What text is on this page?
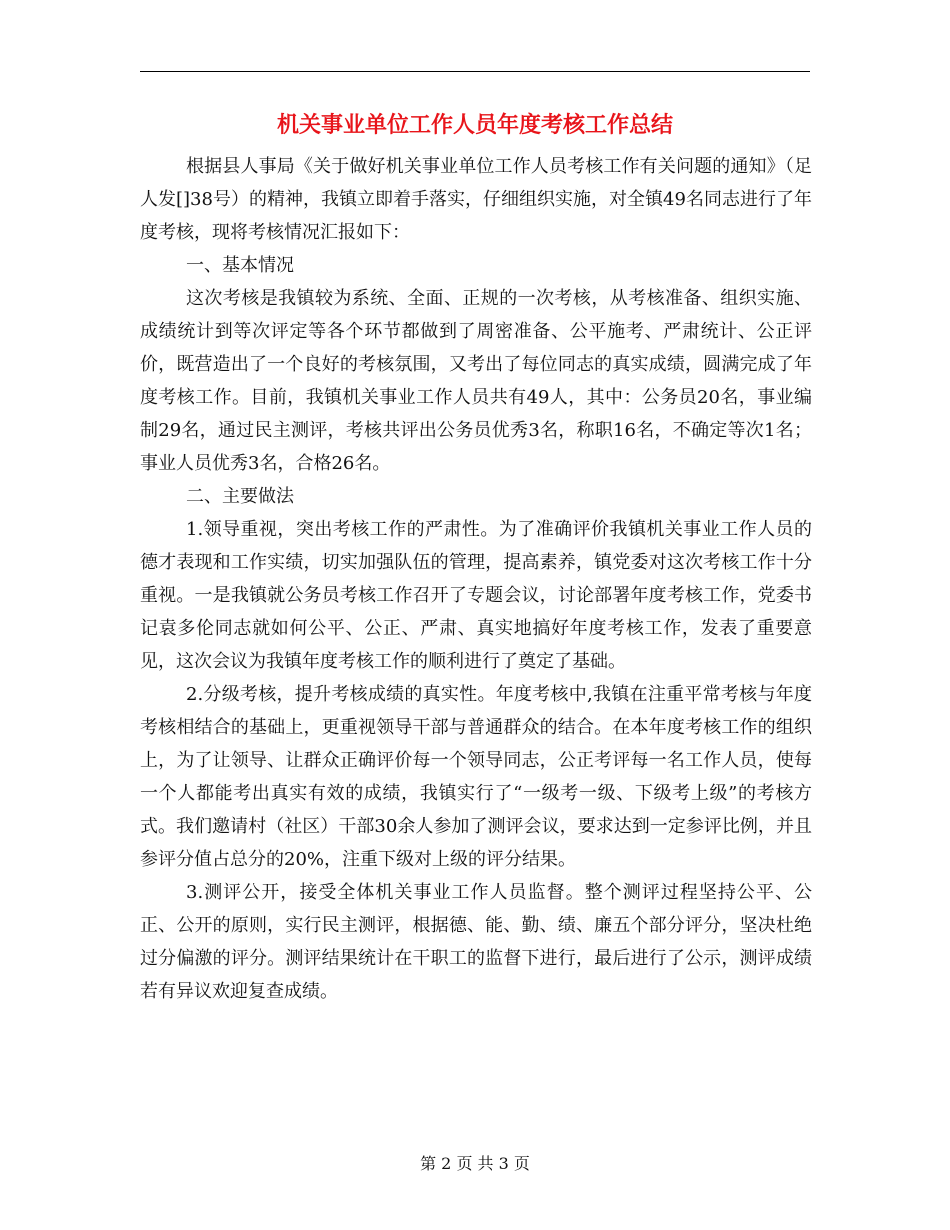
机关事业单位工作人员年度考核工作总结

根据县人事局《关于做好机关事业单位工作人员考核工作有关问题的通知》（足人发[]38号）的精神，我镇立即着手落实，仔细组织实施，对全镇49名同志进行了年度考核，现将考核情况汇报如下：

一、基本情况

这次考核是我镇较为系统、全面、正规的一次考核，从考核准备、组织实施、成绩统计到等次评定等各个环节都做到了周密准备、公平施考、严肃统计、公正评价，既营造出了一个良好的考核氛围，又考出了每位同志的真实成绩，圆满完成了年度考核工作。目前，我镇机关事业工作人员共有49人，其中：公务员20名，事业编制29名，通过民主测评，考核共评出公务员优秀3名，称职16名，不确定等次1名；事业人员优秀3名，合格26名。

二、主要做法

1.领导重视，突出考核工作的严肃性。为了准确评价我镇机关事业工作人员的德才表现和工作实绩，切实加强队伍的管理，提高素养，镇党委对这次考核工作十分重视。一是我镇就公务员考核工作召开了专题会议，讨论部署年度考核工作，党委书记袁多伦同志就如何公平、公正、严肃、真实地搞好年度考核工作，发表了重要意见，这次会议为我镇年度考核工作的顺利进行了奠定了基础。

2.分级考核，提升考核成绩的真实性。年度考核中,我镇在注重平常考核与年度考核相结合的基础上，更重视领导干部与普通群众的结合。在本年度考核工作的组织上，为了让领导、让群众正确评价每一个领导同志，公正考评每一名工作人员，使每一个人都能考出真实有效的成绩，我镇实行了“一级考一级、下级考上级”的考核方式。我们邀请村（社区）干部30余人参加了测评会议，要求达到一定参评比例，并且参评分值占总分的20%，注重下级对上级的评分结果。

3.测评公开，接受全体机关事业工作人员监督。整个测评过程坚持公平、公正、公开的原则，实行民主测评，根据德、能、勤、绩、廉五个部分评分，坚决杜绝过分偏激的评分。测评结果统计在干职工的监督下进行，最后进行了公示，测评成绩若有异议欢迎复查成绩。

第 2 页 共 3 页
